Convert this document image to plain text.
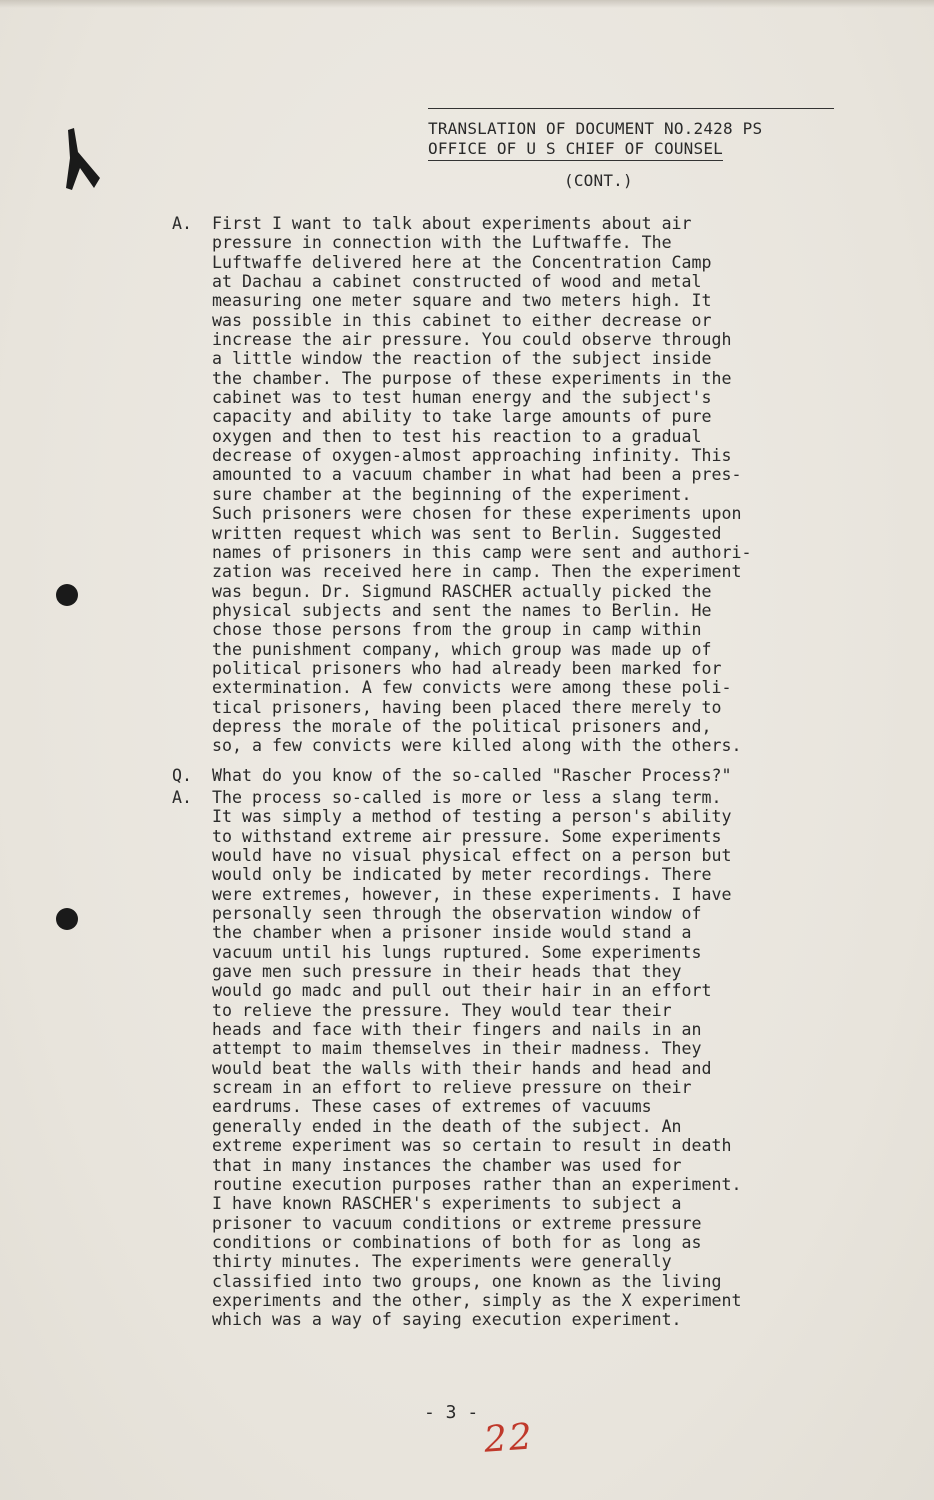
TRANSLATION OF DOCUMENT NO.2428 PS
OFFICE OF U S CHIEF OF COUNSEL
(CONT.)
A.	First I want to talk about experiments about air
pressure in connection with the Luftwaffe. The
Luftwaffe delivered here at the Concentration Camp
at Dachau a cabinet constructed of wood and metal
measuring one meter square and two meters high. It
was possible in this cabinet to either decrease or
increase the air pressure. You could observe through
a little window the reaction of the subject inside
the chamber. The purpose of these experiments in the
cabinet was to test human energy and the subject's
capacity and ability to take large amounts of pure
oxygen and then to test his reaction to a gradual
decrease of oxygen-almost approaching infinity. This
amounted to a vacuum chamber in what had been a pres-
sure chamber at the beginning of the experiment.
Such prisoners were chosen for these experiments upon
written request which was sent to Berlin. Suggested
names of prisoners in this camp were sent and authori-
zation was received here in camp. Then the experiment
was begun. Dr. Sigmund RASCHER actually picked the
physical subjects and sent the names to Berlin. He
chose those persons from the group in camp within
the punishment company, which group was made up of
political prisoners who had already been marked for
extermination. A few convicts were among these poli-
tical prisoners, having been placed there merely to
depress the morale of the political prisoners and,
so, a few convicts were killed along with the others.
Q.	What do you know of the so-called "Rascher Process?"
A.	The process so-called is more or less a slang term.
It was simply a method of testing a person's ability
to withstand extreme air pressure. Some experiments
would have no visual physical effect on a person but
would only be indicated by meter recordings. There
were extremes, however, in these experiments. I have
personally seen through the observation window of
the chamber when a prisoner inside would stand a
vacuum until his lungs ruptured. Some experiments
gave men such pressure in their heads that they
would go madc and pull out their hair in an effort
to relieve the pressure. They would tear their
heads and face with their fingers and nails in an
attempt to maim themselves in their madness. They
would beat the walls with their hands and head and
scream in an effort to relieve pressure on their
eardrums. These cases of extremes of vacuums
generally ended in the death of the subject. An
extreme experiment was so certain to result in death
that in many instances the chamber was used for
routine execution purposes rather than an experiment.
I have known RASCHER's experiments to subject a
prisoner to vacuum conditions or extreme pressure
conditions or combinations of both for as long as
thirty minutes. The experiments were generally
classified into two groups, one known as the living
experiments and the other, simply as the X experiment
which was a way of saying execution experiment.
- 3 -
22
